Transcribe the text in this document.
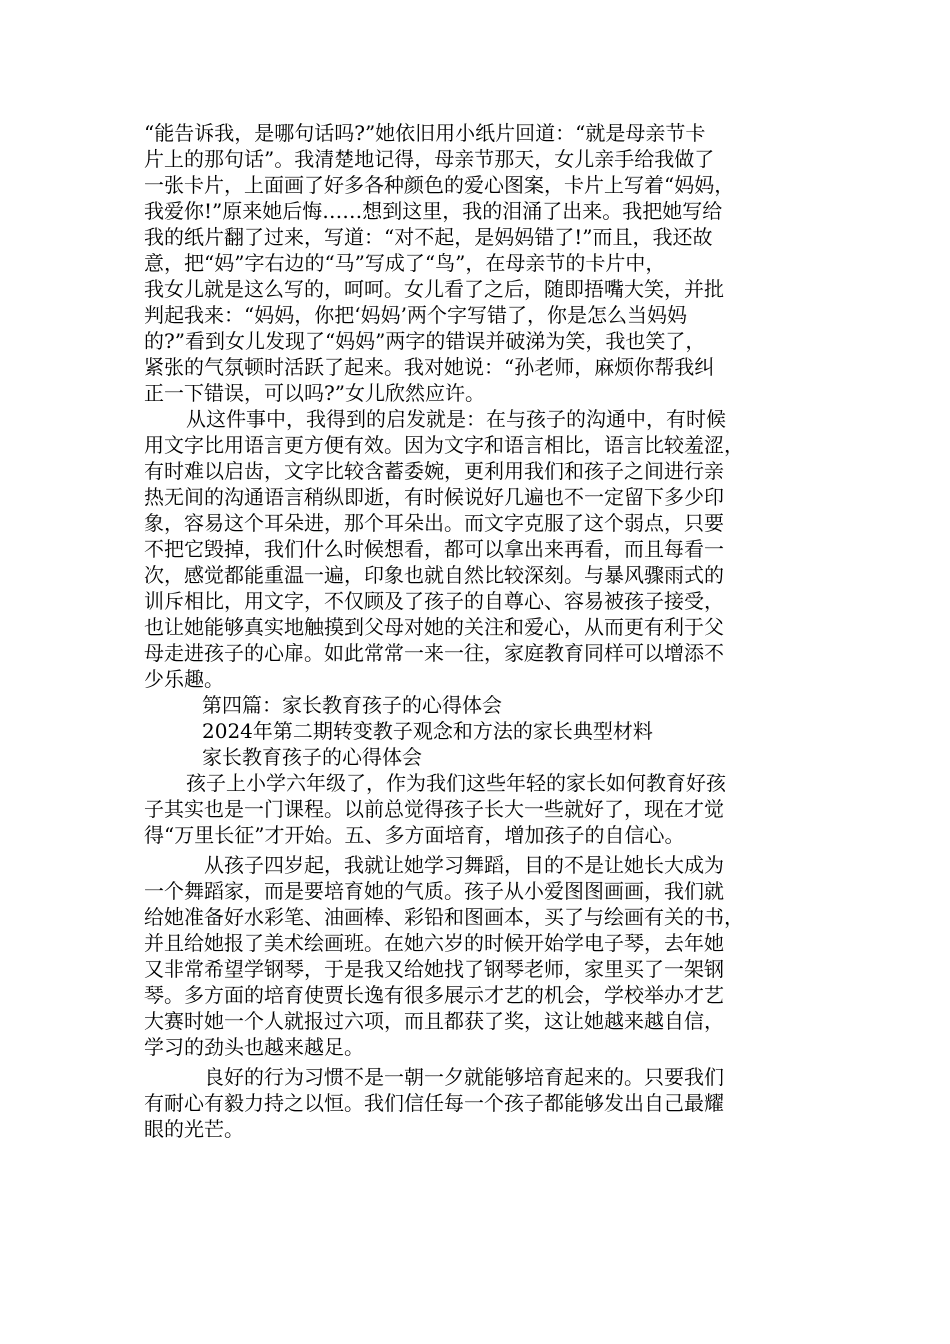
“能告诉我，是哪句话吗?”她依旧用小纸片回道：“就是母亲节卡
片上的那句话”。我清楚地记得，母亲节那天，女儿亲手给我做了
一张卡片，上面画了好多各种颜色的爱心图案，卡片上写着“妈妈，
我爱你!”原来她后悔……想到这里，我的泪涌了出来。我把她写给
我的纸片翻了过来，写道：“对不起，是妈妈错了!”而且，我还故
意，把“妈”字右边的“马”写成了“鸟”，在母亲节的卡片中，
我女儿就是这么写的，呵呵。女儿看了之后，随即捂嘴大笑，并批
判起我来：“妈妈，你把‘妈妈’两个字写错了，你是怎么当妈妈
的?”看到女儿发现了“妈妈”两字的错误并破涕为笑，我也笑了，
紧张的气氛顿时活跃了起来。我对她说：“孙老师，麻烦你帮我纠
正一下错误，可以吗?”女儿欣然应许。

从这件事中，我得到的启发就是：在与孩子的沟通中，有时候
用文字比用语言更方便有效。因为文字和语言相比，语言比较羞涩，
有时难以启齿，文字比较含蓄委婉，更利用我们和孩子之间进行亲
热无间的沟通语言稍纵即逝，有时候说好几遍也不一定留下多少印
象，容易这个耳朵进，那个耳朵出。而文字克服了这个弱点，只要
不把它毁掉，我们什么时候想看，都可以拿出来再看，而且每看一
次，感觉都能重温一遍，印象也就自然比较深刻。与暴风骤雨式的
训斥相比，用文字，不仅顾及了孩子的自尊心、容易被孩子接受，
也让她能够真实地触摸到父母对她的关注和爱心，从而更有利于父
母走进孩子的心扉。如此常常一来一往，家庭教育同样可以增添不
少乐趣。

第四篇：家长教育孩子的心得体会

2024年第二期转变教子观念和方法的家长典型材料

家长教育孩子的心得体会

孩子上小学六年级了，作为我们这些年轻的家长如何教育好孩
子其实也是一门课程。以前总觉得孩子长大一些就好了，现在才觉
得“万里长征”才开始。五、多方面培育，增加孩子的自信心。

从孩子四岁起，我就让她学习舞蹈，目的不是让她长大成为
一个舞蹈家，而是要培育她的气质。孩子从小爱图图画画，我们就
给她准备好水彩笔、油画棒、彩铅和图画本，买了与绘画有关的书，
并且给她报了美术绘画班。在她六岁的时候开始学电子琴，去年她
又非常希望学钢琴，于是我又给她找了钢琴老师，家里买了一架钢
琴。多方面的培育使贾长逸有很多展示才艺的机会，学校举办才艺
大赛时她一个人就报过六项，而且都获了奖，这让她越来越自信，
学习的劲头也越来越足。

良好的行为习惯不是一朝一夕就能够培育起来的。只要我们
有耐心有毅力持之以恒。我们信任每一个孩子都能够发出自己最耀
眼的光芒。
